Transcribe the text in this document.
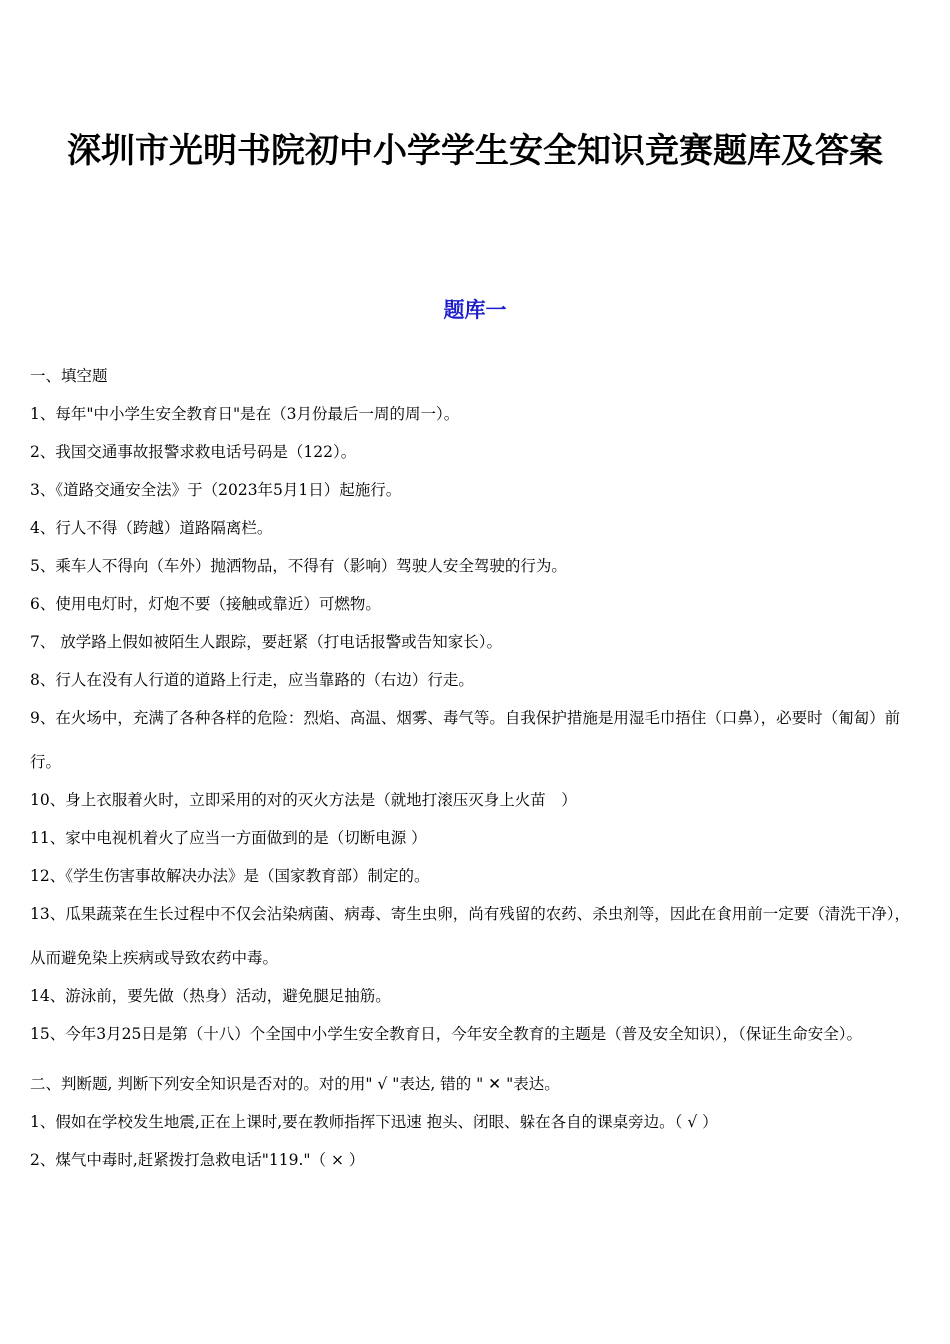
深圳市光明书院初中小学学生安全知识竞赛题库及答案
题库一
一、填空题
1、每年"中小学生安全教育日"是在（3月份最后一周的周一）。
2、我国交通事故报警求救电话号码是（122）。
3、《道路交通安全法》于（2023年5月1日）起施行。
4、行人不得（跨越）道路隔离栏。
5、乘车人不得向（车外）抛洒物品，不得有（影响）驾驶人安全驾驶的行为。
6、使用电灯时，灯炮不要（接触或靠近）可燃物。
7、 放学路上假如被陌生人跟踪，要赶紧（打电话报警或告知家长）。
8、行人在没有人行道的道路上行走，应当靠路的（右边）行走。
9、在火场中，充满了各种各样的危险：烈焰、高温、烟雾、毒气等。自我保护措施是用湿毛巾捂住（口鼻），必要时（匍匐）前行。
10、身上衣服着火时，立即采用的对的灭火方法是（就地打滚压灭身上火苗　）
11、家中电视机着火了应当一方面做到的是（切断电源 ）
12、《学生伤害事故解决办法》是（国家教育部）制定的。
13、瓜果蔬菜在生长过程中不仅会沾染病菌、病毒、寄生虫卵，尚有残留的农药、杀虫剂等，因此在食用前一定要（清洗干净），从而避免染上疾病或导致农药中毒。
14、游泳前，要先做（热身）活动，避免腿足抽筋。
15、今年3月25日是第（十八）个全国中小学生安全教育日，今年安全教育的主题是（普及安全知识），（保证生命安全）。
二、判断题, 判断下列安全知识是否对的。对的用" √ "表达, 错的 " ✕ "表达。
1、假如在学校发生地震,正在上课时,要在教师指挥下迅速 抱头、闭眼、躲在各自的课桌旁边。（ √ ）
2、煤气中毒时,赶紧拨打急救电话"119."（ × ）
